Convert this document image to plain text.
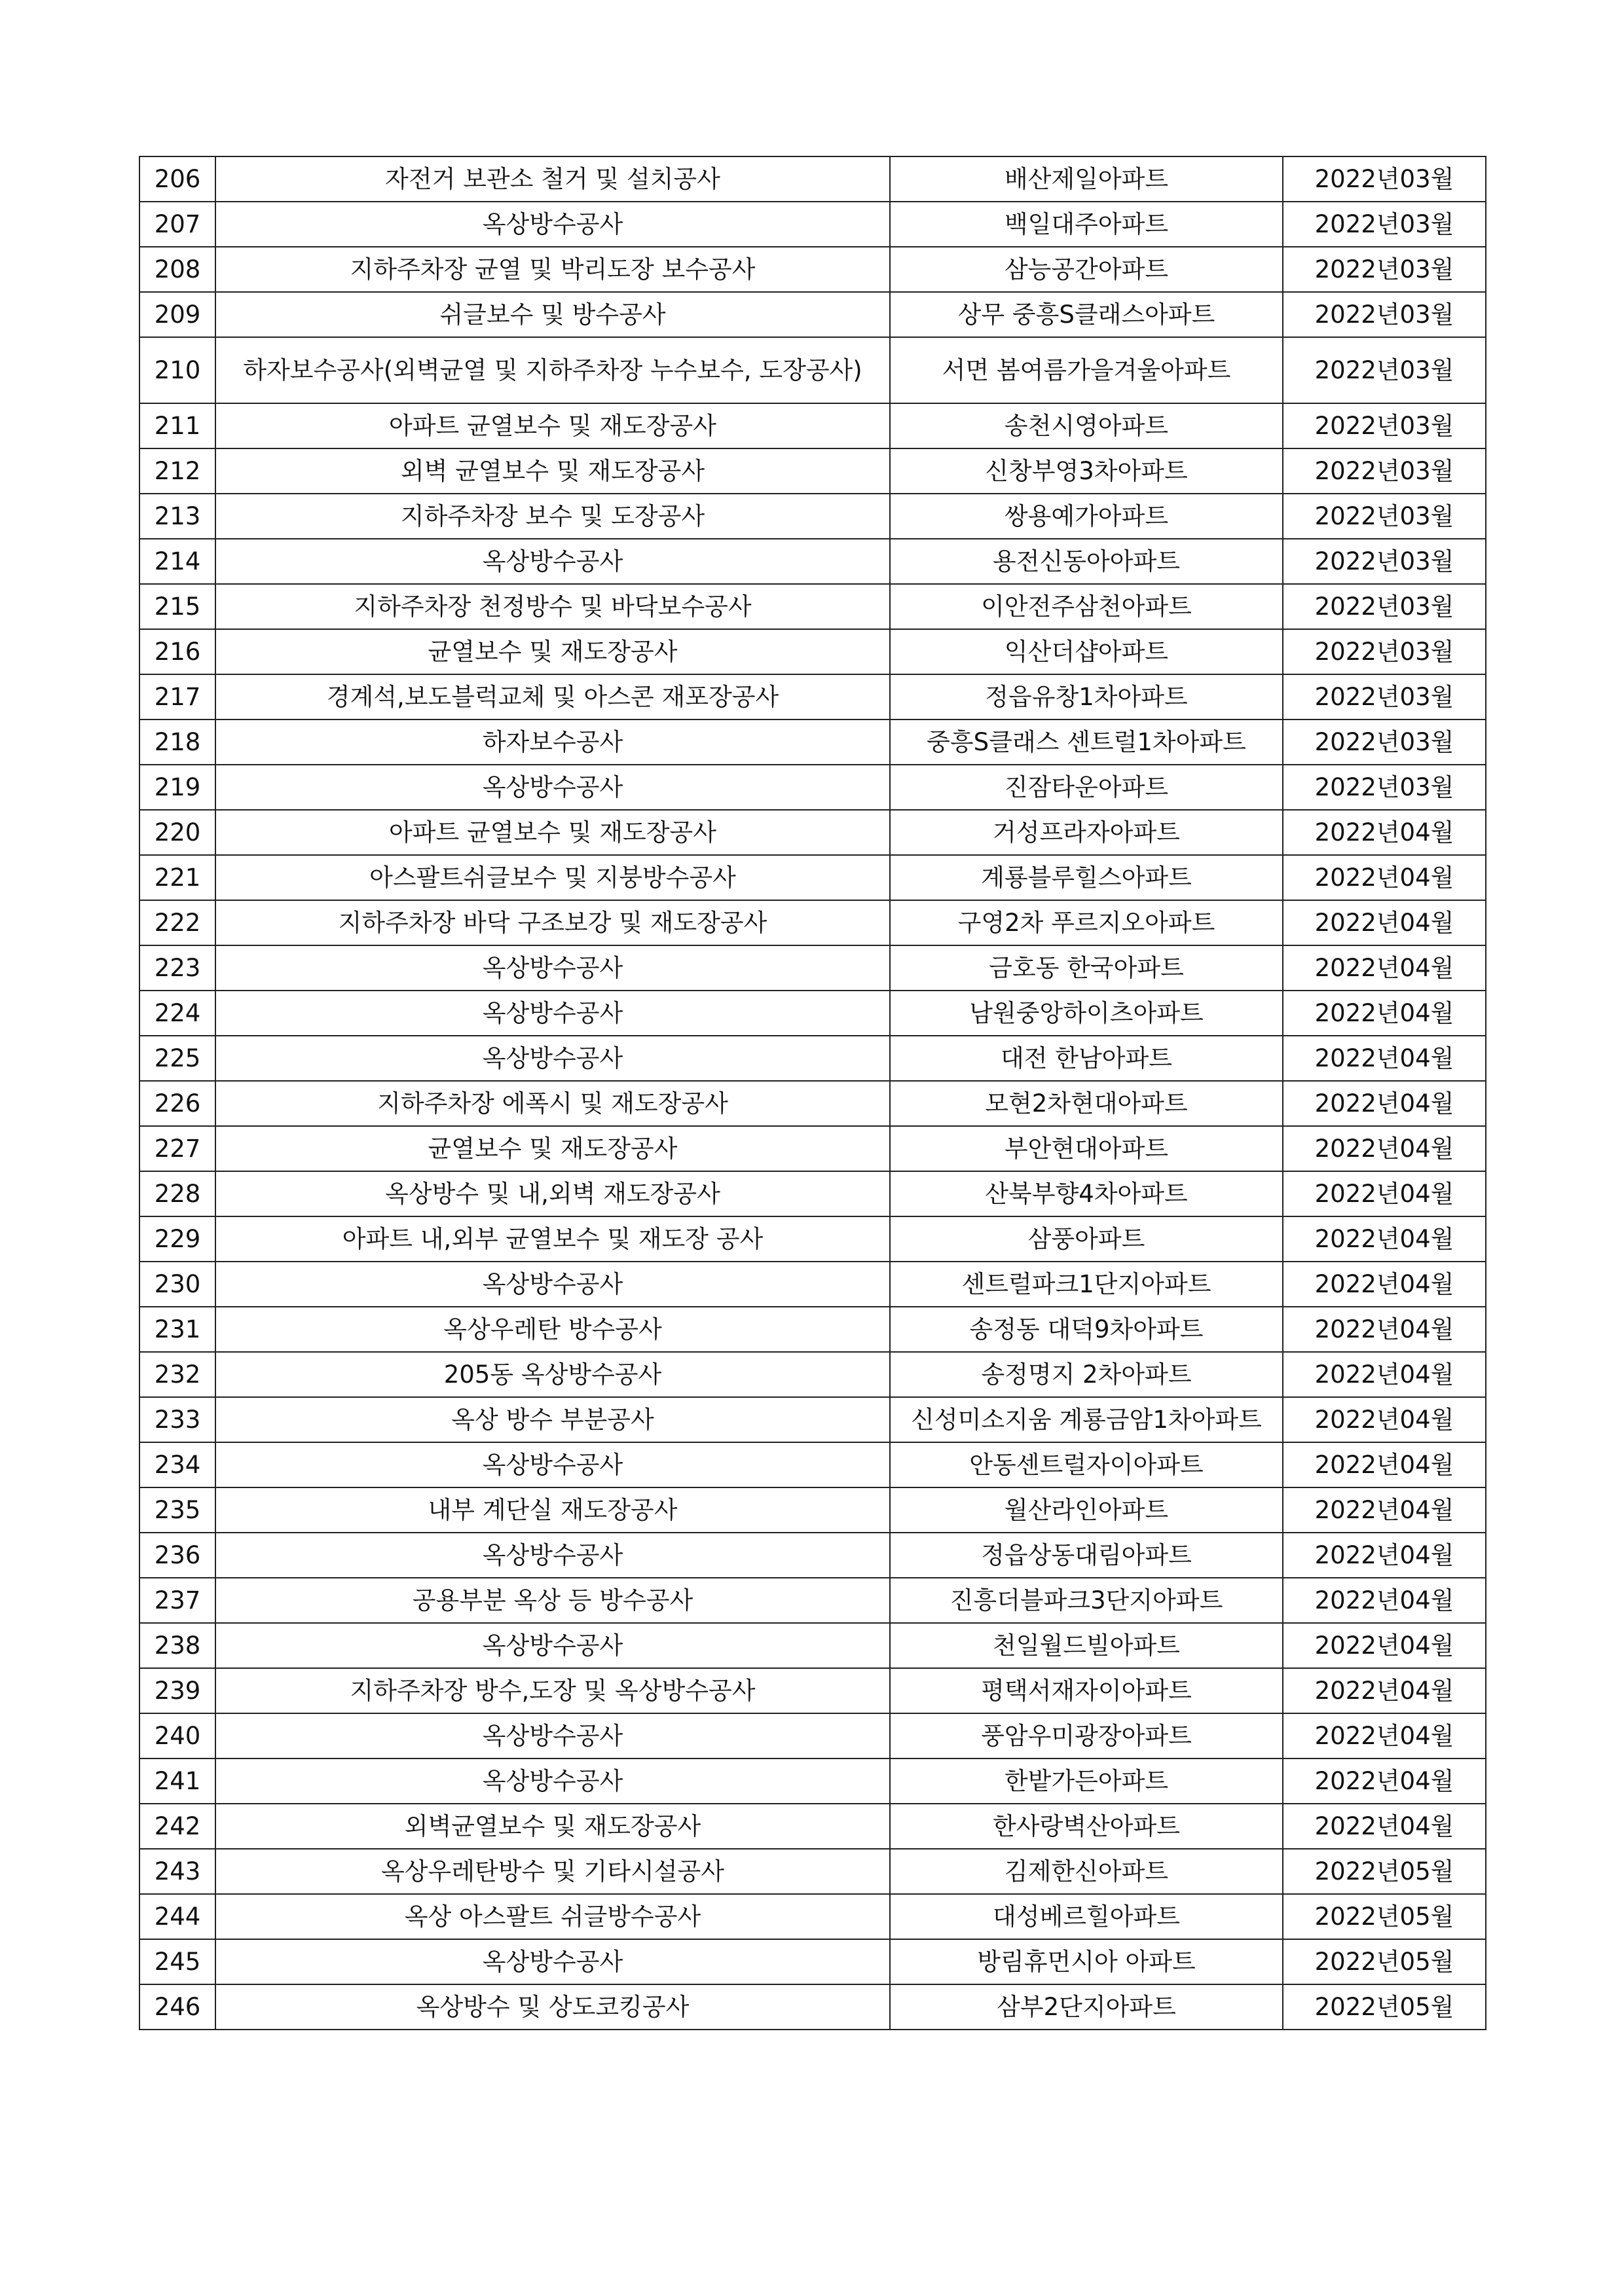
206	자전거 보관소 철거 및 설치공사	배산제일아파트	2022년03월
207	옥상방수공사	백일대주아파트	2022년03월
208	지하주차장 균열 및 박리도장 보수공사	삼능공간아파트	2022년03월
209	쉬글보수 및 방수공사	상무 중흥S클래스아파트	2022년03월
210	하자보수공사(외벽균열 및 지하주차장 누수보수, 도장공사)	서면 봄여름가을겨울아파트	2022년03월
211	아파트 균열보수 및 재도장공사	송천시영아파트	2022년03월
212	외벽 균열보수 및 재도장공사	신창부영3차아파트	2022년03월
213	지하주차장 보수 및 도장공사	쌍용예가아파트	2022년03월
214	옥상방수공사	용전신동아아파트	2022년03월
215	지하주차장 천정방수 및 바닥보수공사	이안전주삼천아파트	2022년03월
216	균열보수 및 재도장공사	익산더샵아파트	2022년03월
217	경계석,보도블럭교체 및 아스콘 재포장공사	정읍유창1차아파트	2022년03월
218	하자보수공사	중흥S클래스 센트럴1차아파트	2022년03월
219	옥상방수공사	진잠타운아파트	2022년03월
220	아파트 균열보수 및 재도장공사	거성프라자아파트	2022년04월
221	아스팔트쉬글보수 및 지붕방수공사	계룡블루힐스아파트	2022년04월
222	지하주차장 바닥 구조보강 및 재도장공사	구영2차 푸르지오아파트	2022년04월
223	옥상방수공사	금호동 한국아파트	2022년04월
224	옥상방수공사	남원중앙하이츠아파트	2022년04월
225	옥상방수공사	대전 한남아파트	2022년04월
226	지하주차장 에폭시 및 재도장공사	모현2차현대아파트	2022년04월
227	균열보수 및 재도장공사	부안현대아파트	2022년04월
228	옥상방수 및 내,외벽 재도장공사	산북부향4차아파트	2022년04월
229	아파트 내,외부 균열보수 및 재도장 공사	삼풍아파트	2022년04월
230	옥상방수공사	센트럴파크1단지아파트	2022년04월
231	옥상우레탄 방수공사	송정동 대덕9차아파트	2022년04월
232	205동 옥상방수공사	송정명지 2차아파트	2022년04월
233	옥상 방수 부분공사	신성미소지움 계룡금암1차아파트	2022년04월
234	옥상방수공사	안동센트럴자이아파트	2022년04월
235	내부 계단실 재도장공사	월산라인아파트	2022년04월
236	옥상방수공사	정읍상동대림아파트	2022년04월
237	공용부분 옥상 등 방수공사	진흥더블파크3단지아파트	2022년04월
238	옥상방수공사	천일월드빌아파트	2022년04월
239	지하주차장 방수,도장 및 옥상방수공사	평택서재자이아파트	2022년04월
240	옥상방수공사	풍암우미광장아파트	2022년04월
241	옥상방수공사	한밭가든아파트	2022년04월
242	외벽균열보수 및 재도장공사	한사랑벽산아파트	2022년04월
243	옥상우레탄방수 및 기타시설공사	김제한신아파트	2022년05월
244	옥상 아스팔트 쉬글방수공사	대성베르힐아파트	2022년05월
245	옥상방수공사	방림휴먼시아 아파트	2022년05월
246	옥상방수 및 상도코킹공사	삼부2단지아파트	2022년05월
